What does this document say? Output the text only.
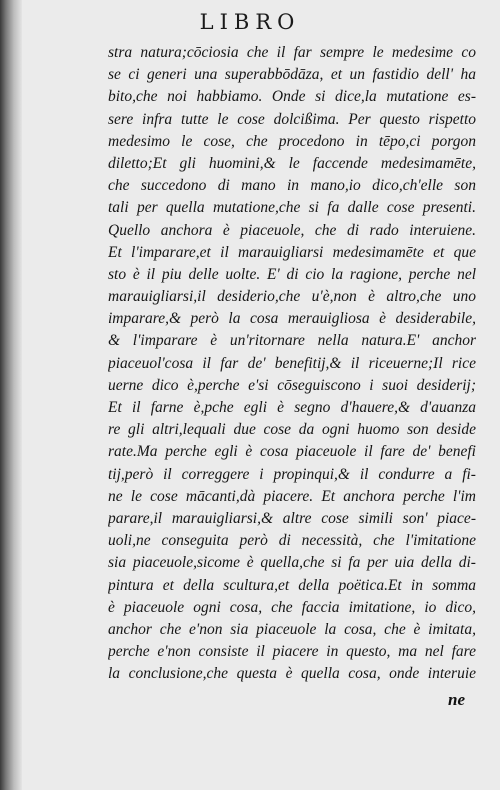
LIBRO
stra natura;cōciosia che il far sempre le medesime co
se ci generi una superabbōdāza, et un fastidio dell' ha
bito,che noi habbiamo. Onde si dice,la mutatione es-
sere infra tutte le cose dolcißima. Per questo rispetto
medesimo le cose, che procedono in tēpo,ci porgon
diletto;Et gli huomini,& le faccende medesimamēte,
che succedono di mano in mano,io dico,ch'elle son
tali per quella mutatione,che si fa dalle cose presenti.
Quello anchora è piaceuole, che di rado interuiene.
Et l'imparare,et il marauigliarsi medesimamēte et que
sto è il piu delle uolte. E' di cio la ragione, perche nel
marauigliarsi,il desiderio,che u'è,non è altro,che uno
imparare,& però la cosa merauigliosa è desiderabile,
& l'imparare è un'ritornare nella natura.E' anchor
piaceuol'cosa il far de' benefitij,& il riceuerne;Il rice
uerne dico è,perche e'si cōseguiscono i suoi desiderij;
Et il farne è,pche egli è segno d'hauere,& d'auanza
re gli altri,lequali due cose da ogni huomo son deside
rate.Ma perche egli è cosa piaceuole il fare de' benefi
tij,però il correggere i propinqui,& il condurre a fi-
ne le cose mācanti,dà piacere. Et anchora perche l'im
parare,il marauigliarsi,& altre cose simili son' piace-
uoli,ne conseguita però di necessità, che l'imitatione
sia piaceuole,sicome è quella,che si fa per uia della di-
pintura et della scultura,et della poëtica.Et in somma
è piaceuole ogni cosa, che faccia imitatione, io dico,
anchor che e'non sia piaceuole la cosa, che è imitata,
perche e'non consiste il piacere in questo, ma nel fare
la conclusione,che questa è quella cosa, onde interuie
ne
